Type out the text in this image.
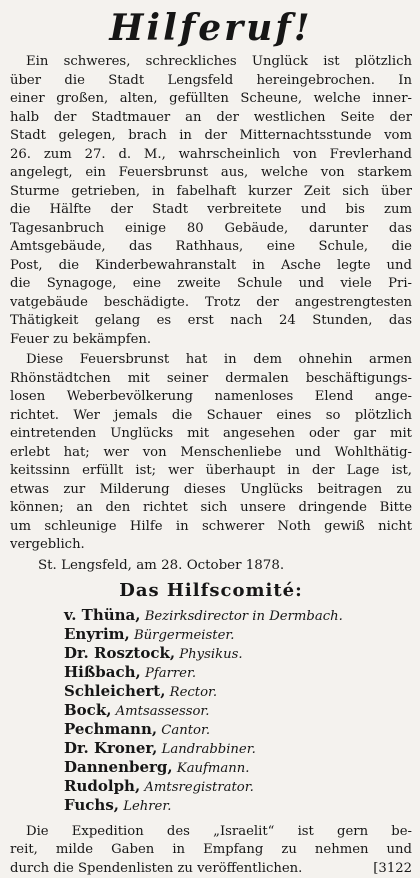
Hilferuf!
Ein schweres, schreckliches Unglück ist plötzlich
über die Stadt Lengsfeld hereingebrochen. In
einer großen, alten, gefüllten Scheune, welche inner-
halb der Stadtmauer an der westlichen Seite der
Stadt gelegen, brach in der Mitternachtsstunde vom
26. zum 27. d. M., wahrscheinlich von Frevlerhand
angelegt, ein Feuersbrunst aus, welche von starkem
Sturme getrieben, in fabelhaft kurzer Zeit sich über
die Hälfte der Stadt verbreitete und bis zum
Tagesanbruch einige 80 Gebäude, darunter das
Amtsgebäude, das Rathhaus, eine Schule, die
Post, die Kinderbewahranstalt in Asche legte und
die Synagoge, eine zweite Schule und viele Pri-
vatgebäude beschädigte. Trotz der angestrengtesten
Thätigkeit gelang es erst nach 24 Stunden, das
Feuer zu bekämpfen.
Diese Feuersbrunst hat in dem ohnehin armen
Rhönstädtchen mit seiner dermalen beschäftigungs-
losen Weberbevölkerung namenloses Elend ange-
richtet. Wer jemals die Schauer eines so plötzlich
eintretenden Unglücks mit angesehen oder gar mit
erlebt hat; wer von Menschenliebe und Wohlthätig-
keitssinn erfüllt ist; wer überhaupt in der Lage ist,
etwas zur Milderung dieses Unglücks beitragen zu
können; an den richtet sich unsere dringende Bitte
um schleunige Hilfe in schwerer Noth gewiß nicht
vergeblich.
St. Lengsfeld, am 28. October 1878.
Das Hilfscomité:
v. Thüna, Bezirksdirector in Dermbach.
Enyrim, Bürgermeister.
Dr. Rosztock, Physikus.
Hißbach, Pfarrer.
Schleichert, Rector.
Bock, Amtsassessor.
Pechmann, Cantor.
Dr. Kroner, Landrabbiner.
Dannenberg, Kaufmann.
Rudolph, Amtsregistrator.
Fuchs, Lehrer.
Die Expedition des „Israelit“ ist gern be-
reit, milde Gaben in Empfang zu nehmen und
durch die Spendenlisten zu veröffentlichen.	[3122
